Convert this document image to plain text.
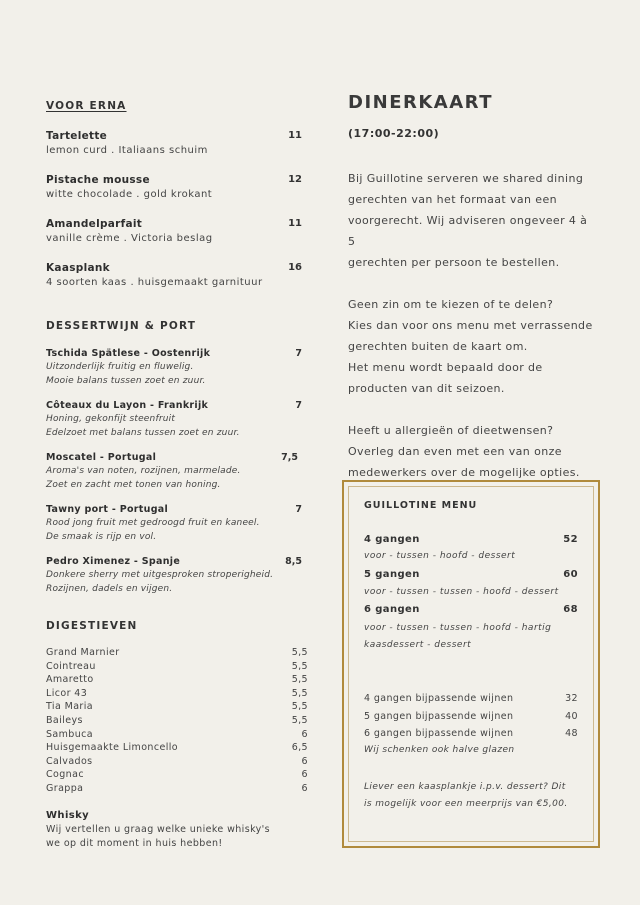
VOOR ERNA
Tartelette	11
lemon curd . Italiaans schuim
Pistache mousse	12
witte chocolade . gold krokant
Amandelparfait	11
vanille crème . Victoria beslag
Kaasplank	16
4 soorten kaas . huisgemaakt garnituur
DESSERTWIJN & PORT
Tschida Spätlese - Oostenrijk	7
Uitzonderlijk fruitig en fluwelig.
Mooie balans tussen zoet en zuur.
Côteaux du Layon - Frankrijk	7
Honing, gekonfijt steenfruit
Edelzoet met balans tussen zoet en zuur.
Moscatel - Portugal	7,5
Aroma's van noten, rozijnen, marmelade.
Zoet en zacht met tonen van honing.
Tawny port - Portugal	7
Rood jong fruit met gedroogd fruit en kaneel.
De smaak is rijp en vol.
Pedro Ximenez - Spanje	8,5
Donkere sherry met uitgesproken stroperigheid.
Rozijnen, dadels en vijgen.
DIGESTIEVEN
Grand Marnier	5,5
Cointreau	5,5
Amaretto	5,5
Licor 43	5,5
Tia Maria	5,5
Baileys	5,5
Sambuca	6
Huisgemaakte Limoncello	6,5
Calvados	6
Cognac	6
Grappa	6
Whisky
Wij vertellen u graag welke unieke whisky's
we op dit moment in huis hebben!
DINERKAART
(17:00-22:00)

Bij Guillotine serveren we shared dining
gerechten van het formaat van een
voorgerecht. Wij adviseren ongeveer 4 à 5
gerechten per persoon te bestellen.

Geen zin om te kiezen of te delen?
Kies dan voor ons menu met verrassende
gerechten buiten de kaart om.
Het menu wordt bepaald door de
producten van dit seizoen.

Heeft u allergieën of dieetwensen?
Overleg dan even met een van onze
medewerkers over de mogelijke opties.

GUILLOTINE MENU
4 gangen	52
voor - tussen - hoofd - dessert
5 gangen	60
voor - tussen - tussen - hoofd - dessert
6 gangen	68
voor - tussen - tussen - hoofd - hartig
kaasdessert - dessert
4 gangen bijpassende wijnen	32
5 gangen bijpassende wijnen	40
6 gangen bijpassende wijnen	48
Wij schenken ook halve glazen
Liever een kaasplankje i.p.v. dessert? Dit
is mogelijk voor een meerprijs van €5,00.
